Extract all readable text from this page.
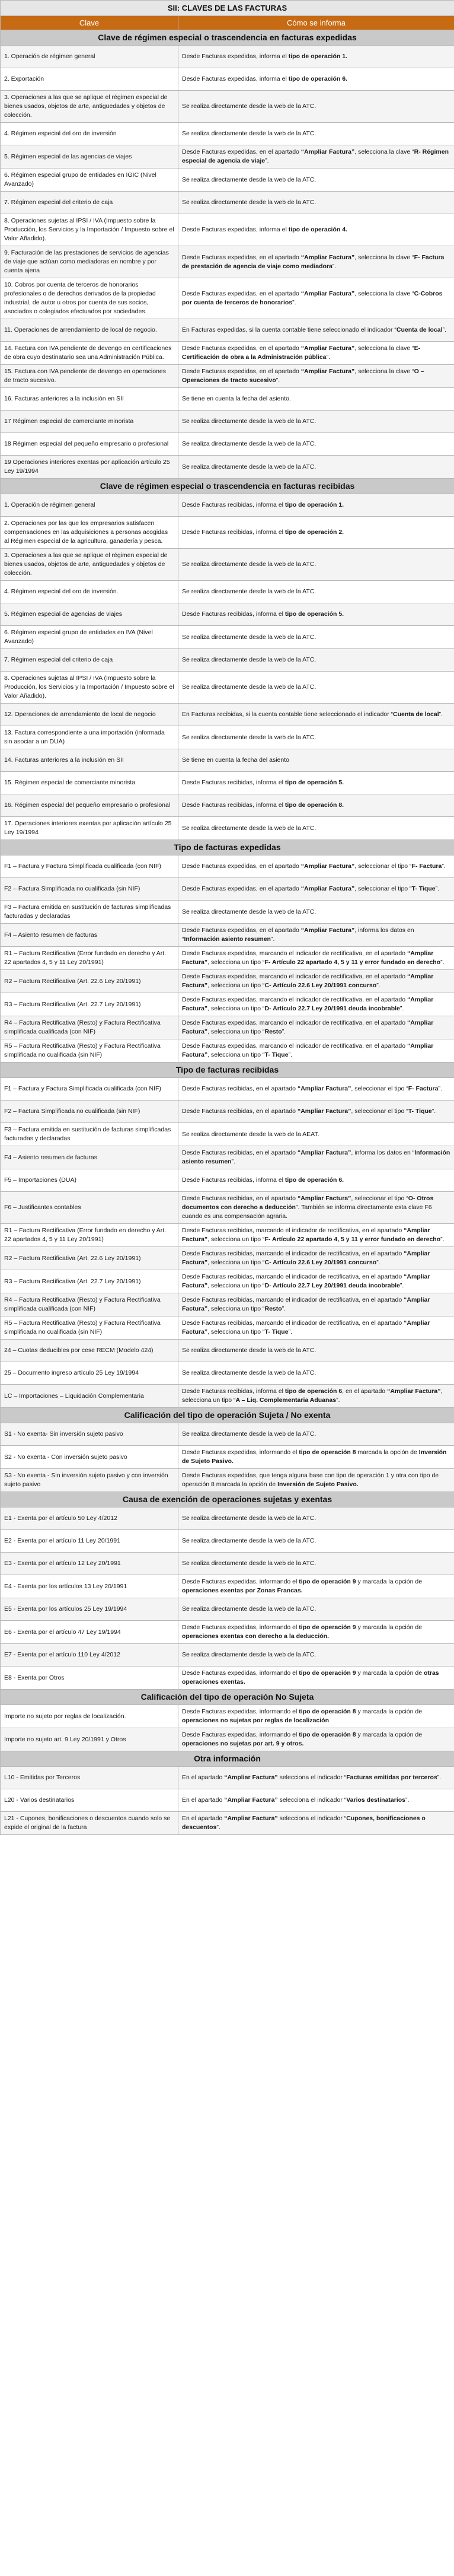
SII: CLAVES DE LAS FACTURAS	
Clave	Cómo se informa
Clave de régimen especial o trascendencia en facturas expedidas	
1. Operación de régimen general	Desde Facturas expedidas, informa el tipo de operación 1.
2. Exportación	Desde Facturas expedidas, informa el tipo de operación 6.
3. Operaciones a las que se aplique el régimen especial de bienes usados, objetos de arte, antigüedades y objetos de colección.	Se realiza directamente desde la web de la ATC.
4. Régimen especial del oro de inversión	Se realiza directamente desde la web de la ATC.
5. Régimen especial de las agencias de viajes	Desde Facturas expedidas, en el apartado “Ampliar Factura”, selecciona la clave “R- Régimen especial de agencia de viaje”.
6. Régimen especial grupo de entidades en IGIC (Nivel Avanzado)	Se realiza directamente desde la web de la ATC.
7. Régimen especial del criterio de caja	Se realiza directamente desde la web de la ATC.
8. Operaciones sujetas al IPSI / IVA (Impuesto sobre la Producción, los Servicios y la Importación / Impuesto sobre el Valor Añadido).	Desde Facturas expedidas, informa el tipo de operación 4.
9. Facturación de las prestaciones de servicios de agencias de viaje que actúan como mediadoras en nombre y por cuenta ajena	Desde Facturas expedidas, en el apartado “Ampliar Factura”, selecciona la clave “F- Factura de prestación de agencia de viaje como mediadora”.
10. Cobros por cuenta de terceros de honorarios profesionales o de derechos derivados de la propiedad industrial, de autor u otros por cuenta de sus socios, asociados o colegiados efectuados por sociedades.	Desde Facturas expedidas, en el apartado “Ampliar Factura”, selecciona la clave “C-Cobros por cuenta de terceros de honorarios”.
11. Operaciones de arrendamiento de local de negocio.	En Facturas expedidas, si la cuenta contable tiene seleccionado el indicador “Cuenta de local”.
14. Factura con IVA pendiente de devengo en certificaciones de obra cuyo destinatario sea una Administración Pública.	Desde Facturas expedidas, en el apartado “Ampliar Factura”, selecciona la clave “E-Certificación de obra a la Administración pública”.
15. Factura con IVA pendiente de devengo en operaciones de tracto sucesivo.	Desde Facturas expedidas, en el apartado “Ampliar Factura”, selecciona la clave “O – Operaciones de tracto sucesivo”.
16. Facturas anteriores a la inclusión en SII	Se tiene en cuenta la fecha del asiento.
17 Régimen especial de comerciante minorista	Se realiza directamente desde la web de la ATC.
18 Régimen especial del pequeño empresario o profesional	Se realiza directamente desde la web de la ATC.
19 Operaciones interiores exentas por aplicación artículo 25 Ley 19/1994	Se realiza directamente desde la web de la ATC.
Clave de régimen especial o trascendencia en facturas recibidas	
1. Operación de régimen general	Desde Facturas recibidas, informa el tipo de operación 1.
2. Operaciones por las que los empresarios satisfacen compensaciones en las adquisiciones a personas acogidas al Régimen especial de la agricultura, ganadería y pesca.	Desde Facturas recibidas, informa el tipo de operación 2.
3. Operaciones a las que se aplique el régimen especial de bienes usados, objetos de arte, antigüedades y objetos de colección.	Se realiza directamente desde la web de la ATC.
4. Régimen especial del oro de inversión.	Se realiza directamente desde la web de la ATC.
5. Régimen especial de agencias de viajes	Desde Facturas recibidas, informa el tipo de operación 5.
6. Régimen especial grupo de entidades en IVA (Nivel Avanzado)	Se realiza directamente desde la web de la ATC.
7. Régimen especial del criterio de caja	Se realiza directamente desde la web de la ATC.
8. Operaciones sujetas al IPSI / IVA (Impuesto sobre la Producción, los Servicios y la Importación / Impuesto sobre el Valor Añadido).	Se realiza directamente desde la web de la ATC.
12. Operaciones de arrendamiento de local de negocio	En Facturas recibidas, si la cuenta contable tiene seleccionado el indicador “Cuenta de local”.
13. Factura correspondiente a una importación (informada sin asociar a un DUA)	Se realiza directamente desde la web de la ATC.
14. Facturas anteriores a la inclusión en SII	Se tiene en cuenta la fecha del asiento
15. Régimen especial de comerciante minorista	Desde Facturas recibidas, informa el tipo de operación 5.
16. Régimen especial del pequeño empresario o profesional	Desde Facturas recibidas, informa el tipo de operación 8.
17. Operaciones interiores exentas por aplicación artículo 25 Ley 19/1994	Se realiza directamente desde la web de la ATC.
Tipo de facturas expedidas	
F1 – Factura y Factura Simplificada cualificada (con NIF)	Desde Facturas expedidas, en el apartado “Ampliar Factura”, seleccionar el tipo “F- Factura”.
F2 – Factura Simplificada no cualificada (sin NIF)	Desde Facturas expedidas, en el apartado “Ampliar Factura”, seleccionar el tipo “T- Tique”.
F3 – Factura emitida en sustitución de facturas simplificadas facturadas y declaradas	Se realiza directamente desde la web de la ATC.
F4 – Asiento resumen de facturas	Desde Facturas expedidas, en el apartado “Ampliar Factura”, informa los datos en “Información asiento resumen”.
R1 – Factura Rectificativa (Error fundado en derecho y Art. 22 apartados 4, 5 y 11 Ley 20/1991)	Desde Facturas expedidas, marcando el indicador de rectificativa, en el apartado “Ampliar Factura”, selecciona un tipo “F- Artículo 22 apartado 4, 5 y 11 y error fundado en derecho”.
R2 – Factura Rectificativa (Art. 22.6 Ley 20/1991)	Desde Facturas expedidas, marcando el indicador de rectificativa, en el apartado “Ampliar Factura”, selecciona un tipo “C- Artículo 22.6 Ley 20/1991 concurso”.
R3 – Factura Rectificativa (Art. 22.7 Ley 20/1991)	Desde Facturas expedidas, marcando el indicador de rectificativa, en el apartado “Ampliar Factura”, selecciona un tipo “D- Artículo 22.7 Ley 20/1991 deuda incobrable”.
R4 – Factura Rectificativa (Resto) y Factura Rectificativa simplificada cualificada (con NIF)	Desde Facturas expedidas, marcando el indicador de rectificativa, en el apartado “Ampliar Factura”, selecciona un tipo “Resto”.
R5 – Factura Rectificativa (Resto) y Factura Rectificativa simplificada no cualificada (sin NIF)	Desde Facturas expedidas, marcando el indicador de rectificativa, en el apartado “Ampliar Factura”, selecciona un tipo “T- Tique”.
Tipo de facturas recibidas	
F1 – Factura y Factura Simplificada cualificada (con NIF)	Desde Facturas recibidas, en el apartado “Ampliar Factura”, seleccionar el tipo “F- Factura”.
F2 – Factura Simplificada no cualificada (sin NIF)	Desde Facturas recibidas, en el apartado “Ampliar Factura”, seleccionar el tipo “T- Tique”.
F3 – Factura emitida en sustitución de facturas simplificadas facturadas y declaradas	Se realiza directamente desde la web de la AEAT.
F4 – Asiento resumen de facturas	Desde Facturas recibidas, en el apartado “Ampliar Factura”, informa los datos en “Información asiento resumen”.
F5 – Importaciones (DUA)	Desde Facturas recibidas, informa el tipo de operación 6.
F6 – Justificantes contables	Desde Facturas recibidas, en el apartado “Ampliar Factura”, seleccionar el tipo “O- Otros documentos con derecho a deducción”. También se informa directamente esta clave F6 cuando es una compensación agraria.
R1 – Factura Rectificativa (Error fundado en derecho y Art. 22 apartados 4, 5 y 11 Ley 20/1991)	Desde Facturas recibidas, marcando el indicador de rectificativa, en el apartado “Ampliar Factura”, selecciona un tipo “F- Artículo 22 apartado 4, 5 y 11 y error fundado en derecho”.
R2 – Factura Rectificativa (Art. 22.6 Ley 20/1991)	Desde Facturas recibidas, marcando el indicador de rectificativa, en el apartado “Ampliar Factura”, selecciona un tipo “C- Artículo 22.6 Ley 20/1991 concurso”.
R3 – Factura Rectificativa (Art. 22.7 Ley 20/1991)	Desde Facturas recibidas, marcando el indicador de rectificativa, en el apartado “Ampliar Factura”, selecciona un tipo “D- Artículo 22.7 Ley 20/1991 deuda incobrable”.
R4 – Factura Rectificativa (Resto) y Factura Rectificativa simplificada cualificada (con NIF)	Desde Facturas recibidas, marcando el indicador de rectificativa, en el apartado “Ampliar Factura”, selecciona un tipo “Resto”.
R5 – Factura Rectificativa (Resto) y Factura Rectificativa simplificada no cualificada (sin NIF)	Desde Facturas recibidas, marcando el indicador de rectificativa, en el apartado “Ampliar Factura”, selecciona un tipo “T- Tique”.
24 – Cuotas deducibles por cese RECM (Modelo 424)	Se realiza directamente desde la web de la ATC.
25 – Documento ingreso artículo 25 Ley 19/1994	Se realiza directamente desde la web de la ATC.
LC – Importaciones – Liquidación Complementaria	Desde Facturas recibidas, informa el tipo de operación 6, en el apartado “Ampliar Factura”, selecciona un tipo “A – Liq. Complementaria Aduanas”.
Calificación del tipo de operación Sujeta / No exenta	
S1 - No exenta- Sin inversión sujeto pasivo	Se realiza directamente desde la web de la ATC.
S2 - No exenta - Con inversión sujeto pasivo	Desde Facturas expedidas, informando el tipo de operación 8 marcada la opción de Inversión de Sujeto Pasivo.
S3 - No exenta - Sin inversión sujeto pasivo y con inversión sujeto pasivo	Desde Facturas expedidas, que tenga alguna base con tipo de operación 1 y otra con tipo de operación 8 marcada la opción de Inversión de Sujeto Pasivo.
Causa de exención de operaciones sujetas y exentas	
E1 - Exenta por el artículo 50 Ley 4/2012	Se realiza directamente desde la web de la ATC.
E2 - Exenta por el artículo 11 Ley 20/1991	Se realiza directamente desde la web de la ATC.
E3 - Exenta por el artículo 12 Ley 20/1991	Se realiza directamente desde la web de la ATC.
E4 - Exenta por los artículos 13 Ley 20/1991	Desde Facturas expedidas, informando el tipo de operación 9 y marcada la opción de operaciones exentas por Zonas Francas.
E5 - Exenta por los artículos 25 Ley 19/1994	Se realiza directamente desde la web de la ATC.
E6 - Exenta por el artículo 47 Ley 19/1994	Desde Facturas expedidas, informando el tipo de operación 9 y marcada la opción de operaciones exentas con derecho a la deducción.
E7 - Exenta por el artículo 110 Ley 4/2012	Se realiza directamente desde la web de la ATC.
E8 - Exenta por Otros	Desde Facturas expedidas, informando el tipo de operación 9 y marcada la opción de otras operaciones exentas.
Calificación del tipo de operación No Sujeta	
Importe no sujeto por reglas de localización.	Desde Facturas expedidas, informando el tipo de operación 8 y marcada la opción de operaciones no sujetas por reglas de localización
Importe no sujeto art. 9 Ley 20/1991 y Otros	Desde Facturas expedidas, informando el tipo de operación 8 y marcada la opción de operaciones no sujetas por art. 9 y otros.
Otra información	
L10 - Emitidas por Terceros	En el apartado “Ampliar Factura” selecciona el indicador “Facturas emitidas por terceros”.
L20 - Varios destinatarios	En el apartado “Ampliar Factura” selecciona el indicador “Varios destinatarios”.
L21 - Cupones, bonificaciones o descuentos cuando solo se expide el original de la factura	En el apartado “Ampliar Factura” selecciona el indicador “Cupones, bonificaciones o descuentos”.
